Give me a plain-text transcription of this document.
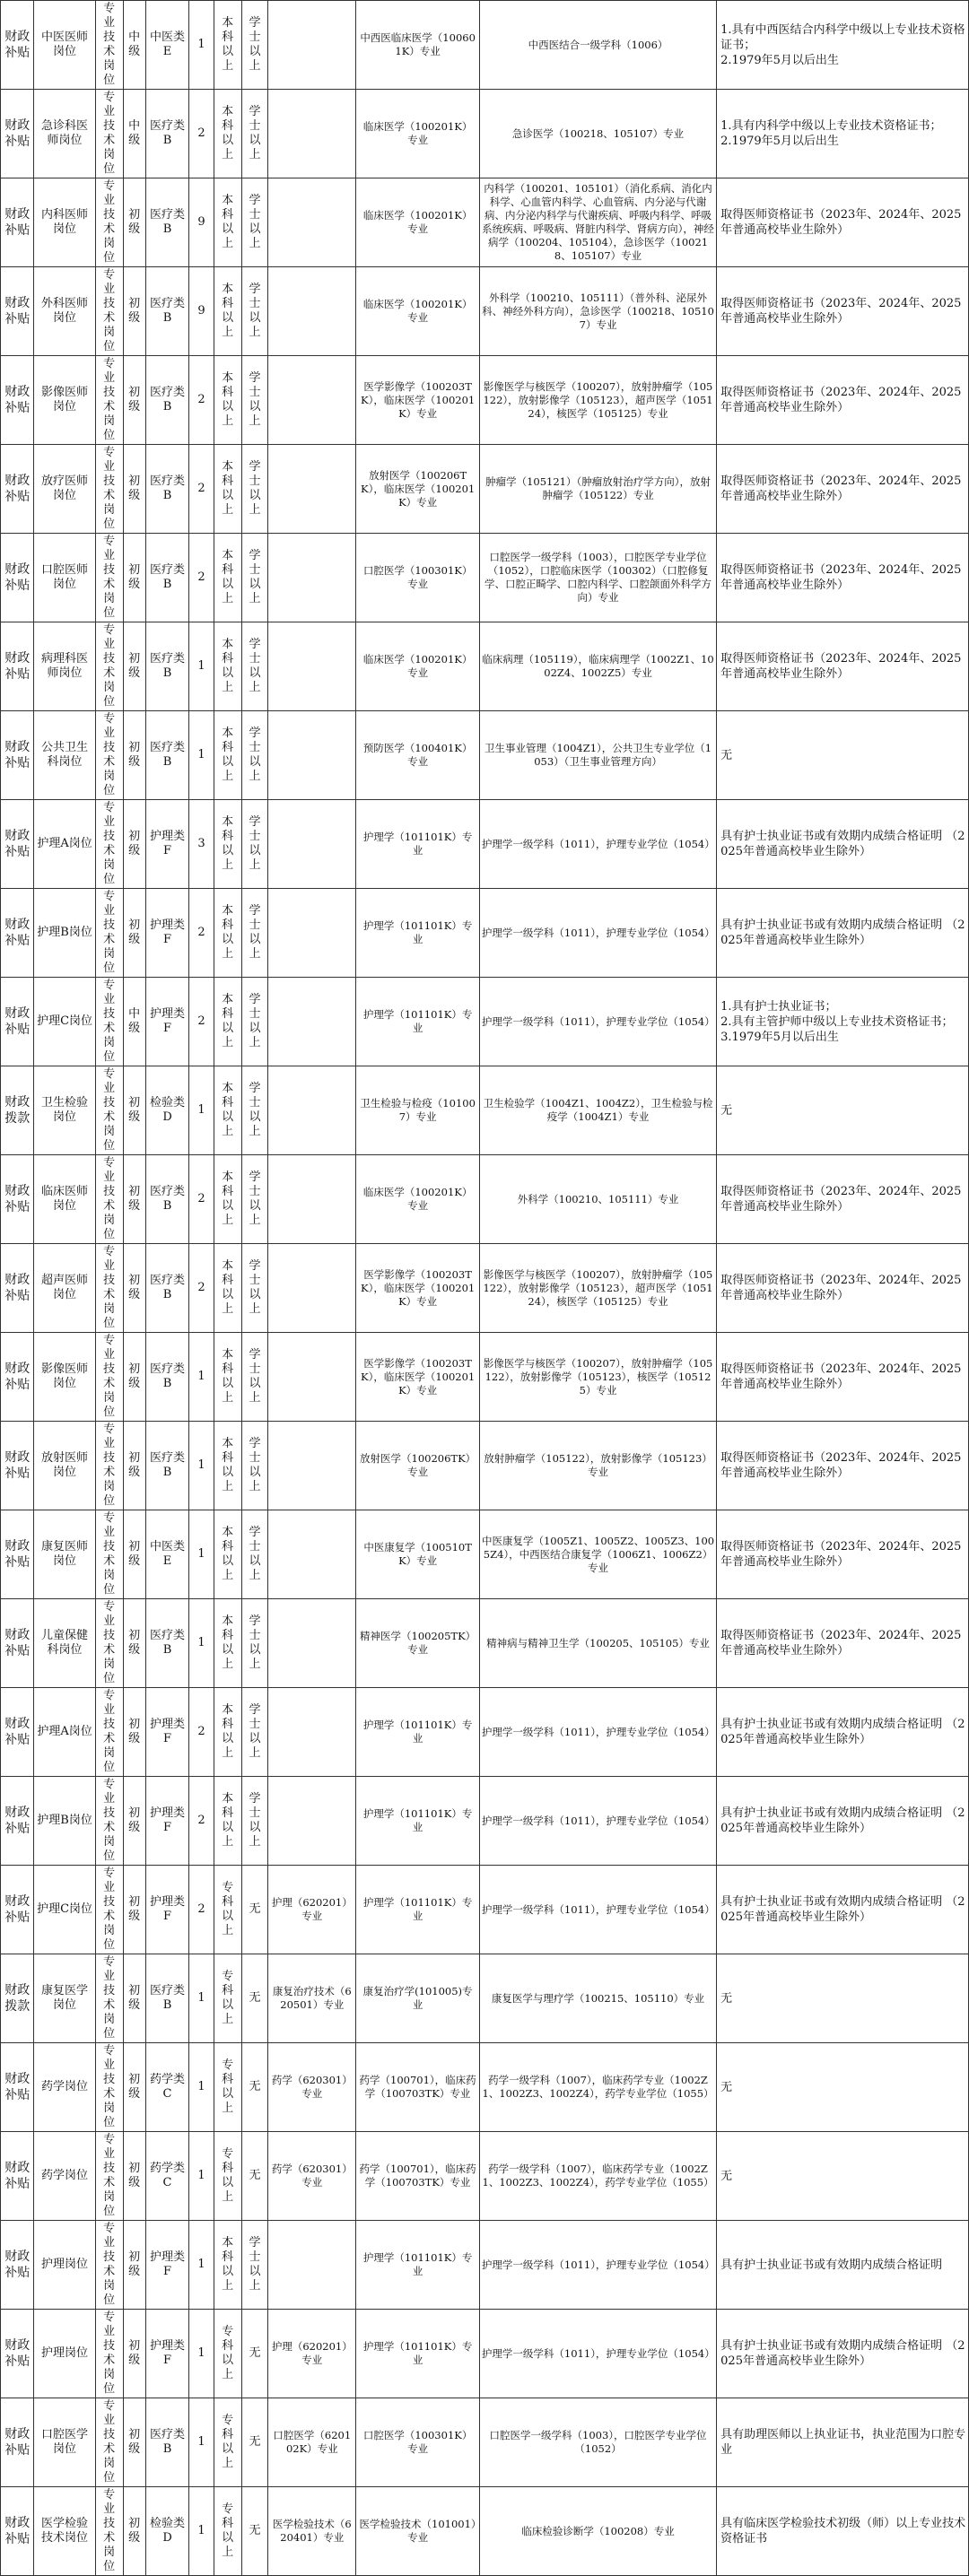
财政补贴	中医医师岗位	专业技术岗位	中级	中医类E	1	本科以上	学士以上		中西医临床医学（100601K）专业	中西医结合一级学科（1006）	1.具有中西医结合内科学中级以上专业技术资格证书；
2.1979年5月以后出生
财政补贴	急诊科医师岗位	专业技术岗位	中级	医疗类B	2	本科以上	学士以上		临床医学（100201K）专业	急诊医学（100218、105107）专业	1.具有内科学中级以上专业技术资格证书；
2.1979年5月以后出生
财政补贴	内科医师岗位	专业技术岗位	初级	医疗类B	9	本科以上	学士以上		临床医学（100201K）专业	内科学（100201、105101）（消化系病、消化内科学、心血管内科学、心血管病、内分泌与代谢病、内分泌内科学与代谢疾病、呼吸内科学、呼吸系统疾病、呼吸病、肾脏内科学、肾病方向），神经病学（100204、105104），急诊医学（100218、105107）专业	取得医师资格证书（2023年、2024年、2025年普通高校毕业生除外）
财政补贴	外科医师岗位	专业技术岗位	初级	医疗类B	9	本科以上	学士以上		临床医学（100201K）专业	外科学（100210、105111）（普外科、泌尿外科、神经外科方向），急诊医学（100218、105107）专业	取得医师资格证书（2023年、2024年、2025年普通高校毕业生除外）
财政补贴	影像医师岗位	专业技术岗位	初级	医疗类B	2	本科以上	学士以上		医学影像学（100203TK），临床医学（100201K）专业	影像医学与核医学（100207），放射肿瘤学（105122），放射影像学（105123），超声医学（105124），核医学（105125）专业	取得医师资格证书（2023年、2024年、2025年普通高校毕业生除外）
财政补贴	放疗医师岗位	专业技术岗位	初级	医疗类B	2	本科以上	学士以上		放射医学（100206TK），临床医学（100201K）专业	肿瘤学（105121）（肿瘤放射治疗学方向），放射肿瘤学（105122）专业	取得医师资格证书（2023年、2024年、2025年普通高校毕业生除外）
财政补贴	口腔医师岗位	专业技术岗位	初级	医疗类B	2	本科以上	学士以上		口腔医学（100301K）专业	口腔医学一级学科（1003），口腔医学专业学位（1052），口腔临床医学（100302）（口腔修复学、口腔正畸学、口腔内科学、口腔颌面外科学方向）专业	取得医师资格证书（2023年、2024年、2025年普通高校毕业生除外）
财政补贴	病理科医师岗位	专业技术岗位	初级	医疗类B	1	本科以上	学士以上		临床医学（100201K）专业	临床病理（105119），临床病理学（1002Z1、1002Z4、1002Z5）专业	取得医师资格证书（2023年、2024年、2025年普通高校毕业生除外）
财政补贴	公共卫生科岗位	专业技术岗位	初级	医疗类B	1	本科以上	学士以上		预防医学（100401K）专业	卫生事业管理（1004Z1），公共卫生专业学位（1053）（卫生事业管理方向）	无
财政补贴	护理A岗位	专业技术岗位	初级	护理类F	3	本科以上	学士以上		护理学（101101K）专业	护理学一级学科（1011），护理专业学位（1054）	具有护士执业证书或有效期内成绩合格证明 （2025年普通高校毕业生除外）
财政补贴	护理B岗位	专业技术岗位	初级	护理类F	2	本科以上	学士以上		护理学（101101K）专业	护理学一级学科（1011），护理专业学位（1054）	具有护士执业证书或有效期内成绩合格证明 （2025年普通高校毕业生除外）
财政补贴	护理C岗位	专业技术岗位	中级	护理类F	2	本科以上	学士以上		护理学（101101K）专业	护理学一级学科（1011），护理专业学位（1054）	1.具有护士执业证书；
2.具有主管护师中级以上专业技术资格证书；
3.1979年5月以后出生
财政拨款	卫生检验岗位	专业技术岗位	初级	检验类D	1	本科以上	学士以上		卫生检验与检疫（101007）专业	卫生检验学（1004Z1、1004Z2），卫生检验与检疫学（1004Z1）专业	无
财政补贴	临床医师岗位	专业技术岗位	初级	医疗类B	2	本科以上	学士以上		临床医学（100201K）专业	外科学（100210、105111）专业	取得医师资格证书（2023年、2024年、2025年普通高校毕业生除外）
财政补贴	超声医师岗位	专业技术岗位	初级	医疗类B	2	本科以上	学士以上		医学影像学（100203TK），临床医学（100201K）专业	影像医学与核医学（100207），放射肿瘤学（105122），放射影像学（105123），超声医学（105124），核医学（105125）专业	取得医师资格证书（2023年、2024年、2025年普通高校毕业生除外）
财政补贴	影像医师岗位	专业技术岗位	初级	医疗类B	1	本科以上	学士以上		医学影像学（100203TK），临床医学（100201K）专业	影像医学与核医学（100207），放射肿瘤学（105122），放射影像学（105123），核医学（105125）专业	取得医师资格证书（2023年、2024年、2025年普通高校毕业生除外）
财政补贴	放射医师岗位	专业技术岗位	初级	医疗类B	1	本科以上	学士以上		放射医学（100206TK）专业	放射肿瘤学（105122），放射影像学（105123）专业	取得医师资格证书（2023年、2024年、2025年普通高校毕业生除外）
财政补贴	康复医师岗位	专业技术岗位	初级	中医类E	1	本科以上	学士以上		中医康复学（100510TK）专业	中医康复学（1005Z1、1005Z2、1005Z3、1005Z4），中西医结合康复学（1006Z1、1006Z2）专业	取得医师资格证书（2023年、2024年、2025年普通高校毕业生除外）
财政补贴	儿童保健科岗位	专业技术岗位	初级	医疗类B	1	本科以上	学士以上		精神医学（100205TK）专业	精神病与精神卫生学（100205、105105）专业	取得医师资格证书（2023年、2024年、2025年普通高校毕业生除外）
财政补贴	护理A岗位	专业技术岗位	初级	护理类F	2	本科以上	学士以上		护理学（101101K）专业	护理学一级学科（1011），护理专业学位（1054）	具有护士执业证书或有效期内成绩合格证明 （2025年普通高校毕业生除外）
财政补贴	护理B岗位	专业技术岗位	初级	护理类F	2	本科以上	学士以上		护理学（101101K）专业	护理学一级学科（1011），护理专业学位（1054）	具有护士执业证书或有效期内成绩合格证明 （2025年普通高校毕业生除外）
财政补贴	护理C岗位	专业技术岗位	初级	护理类F	2	专科以上	无	护理（620201）专业	护理学（101101K）专业	护理学一级学科（1011），护理专业学位（1054）	具有护士执业证书或有效期内成绩合格证明 （2025年普通高校毕业生除外）
财政拨款	康复医学岗位	专业技术岗位	初级	医疗类B	1	专科以上	无	康复治疗技术（620501）专业	康复治疗学(101005)专业	康复医学与理疗学（100215、105110）专业	无
财政补贴	药学岗位	专业技术岗位	初级	药学类C	1	专科以上	无	药学（620301）专业	药学（100701），临床药学（100703TK）专业	药学一级学科（1007），临床药学专业（1002Z1、1002Z3、1002Z4），药学专业学位（1055）	无
财政补贴	药学岗位	专业技术岗位	初级	药学类C	1	专科以上	无	药学（620301）专业	药学（100701），临床药学（100703TK）专业	药学一级学科（1007），临床药学专业（1002Z1、1002Z3、1002Z4），药学专业学位（1055）	无
财政补贴	护理岗位	专业技术岗位	初级	护理类F	1	本科以上	学士以上		护理学（101101K）专业	护理学一级学科（1011），护理专业学位（1054）	具有护士执业证书或有效期内成绩合格证明
财政补贴	护理岗位	专业技术岗位	初级	护理类F	1	专科以上	无	护理（620201）专业	护理学（101101K）专业	护理学一级学科（1011），护理专业学位（1054）	具有护士执业证书或有效期内成绩合格证明 （2025年普通高校毕业生除外）
财政补贴	口腔医学岗位	专业技术岗位	初级	医疗类B	1	专科以上	无	口腔医学（620102K）专业	口腔医学（100301K）专业	口腔医学一级学科（1003），口腔医学专业学位（1052）	具有助理医师以上执业证书，执业范围为口腔专业
财政补贴	医学检验技术岗位	专业技术岗位	初级	检验类D	1	专科以上	无	医学检验技术（620401）专业	医学检验技术（101001）专业	临床检验诊断学（100208）专业	具有临床医学检验技术初级（师）以上专业技术资格证书
